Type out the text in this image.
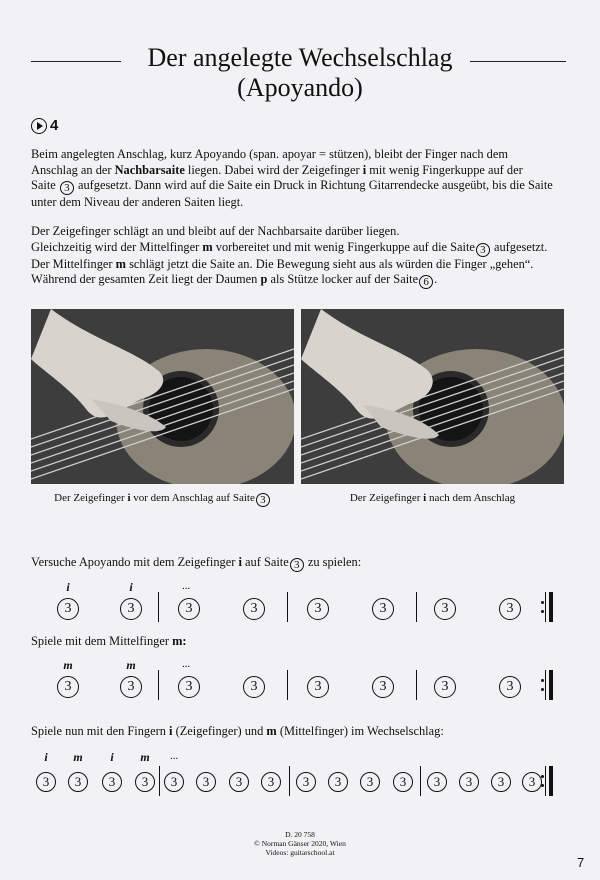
Der angelegte Wechselschlag
(Apoyando)
4

Beim angelegten Anschlag, kurz Apoyando (span. apoyar = stützen), bleibt der Finger nach dem
Anschlag an der Nachbarsaite liegen. Dabei wird der Zeigefinger i mit wenig Fingerkuppe auf der
Saite 3 aufgesetzt. Dann wird auf die Saite ein Druck in Richtung Gitarrendecke ausgeübt, bis die Saite
unter dem Niveau der anderen Saiten liegt.

Der Zeigefinger schlägt an und bleibt auf der Nachbarsaite darüber liegen.
Gleichzeitig wird der Mittelfinger m vorbereitet und mit wenig Fingerkuppe auf die Saite 3 aufgesetzt.
Der Mittelfinger m schlägt jetzt die Saite an. Die Bewegung sieht aus als würden die Finger „gehen“.
Während der gesamten Zeit liegt der Daumen p als Stütze locker auf der Saite 6 .

Der Zeigefinger i vor dem Anschlag auf Saite 3	Der Zeigefinger i nach dem Anschlag
Versuche Apoyando mit dem Zeigefinger i auf Saite 3 zu spielen:
i	i	...
3	3	3	3	3	3	3	3
Spiele mit dem Mittelfinger m:
m	m	...
3	3	3	3	3	3	3	3
Spiele nun mit den Fingern i (Zeigefinger) und m (Mittelfinger) im Wechselschlag:
i	m	i	m	...
3	3	3	3	3	3	3	3	3	3	3	3	3	3	3	3
D. 20 758
© Norman Gänser 2020, Wien
Videos: guitarschool.at
7
